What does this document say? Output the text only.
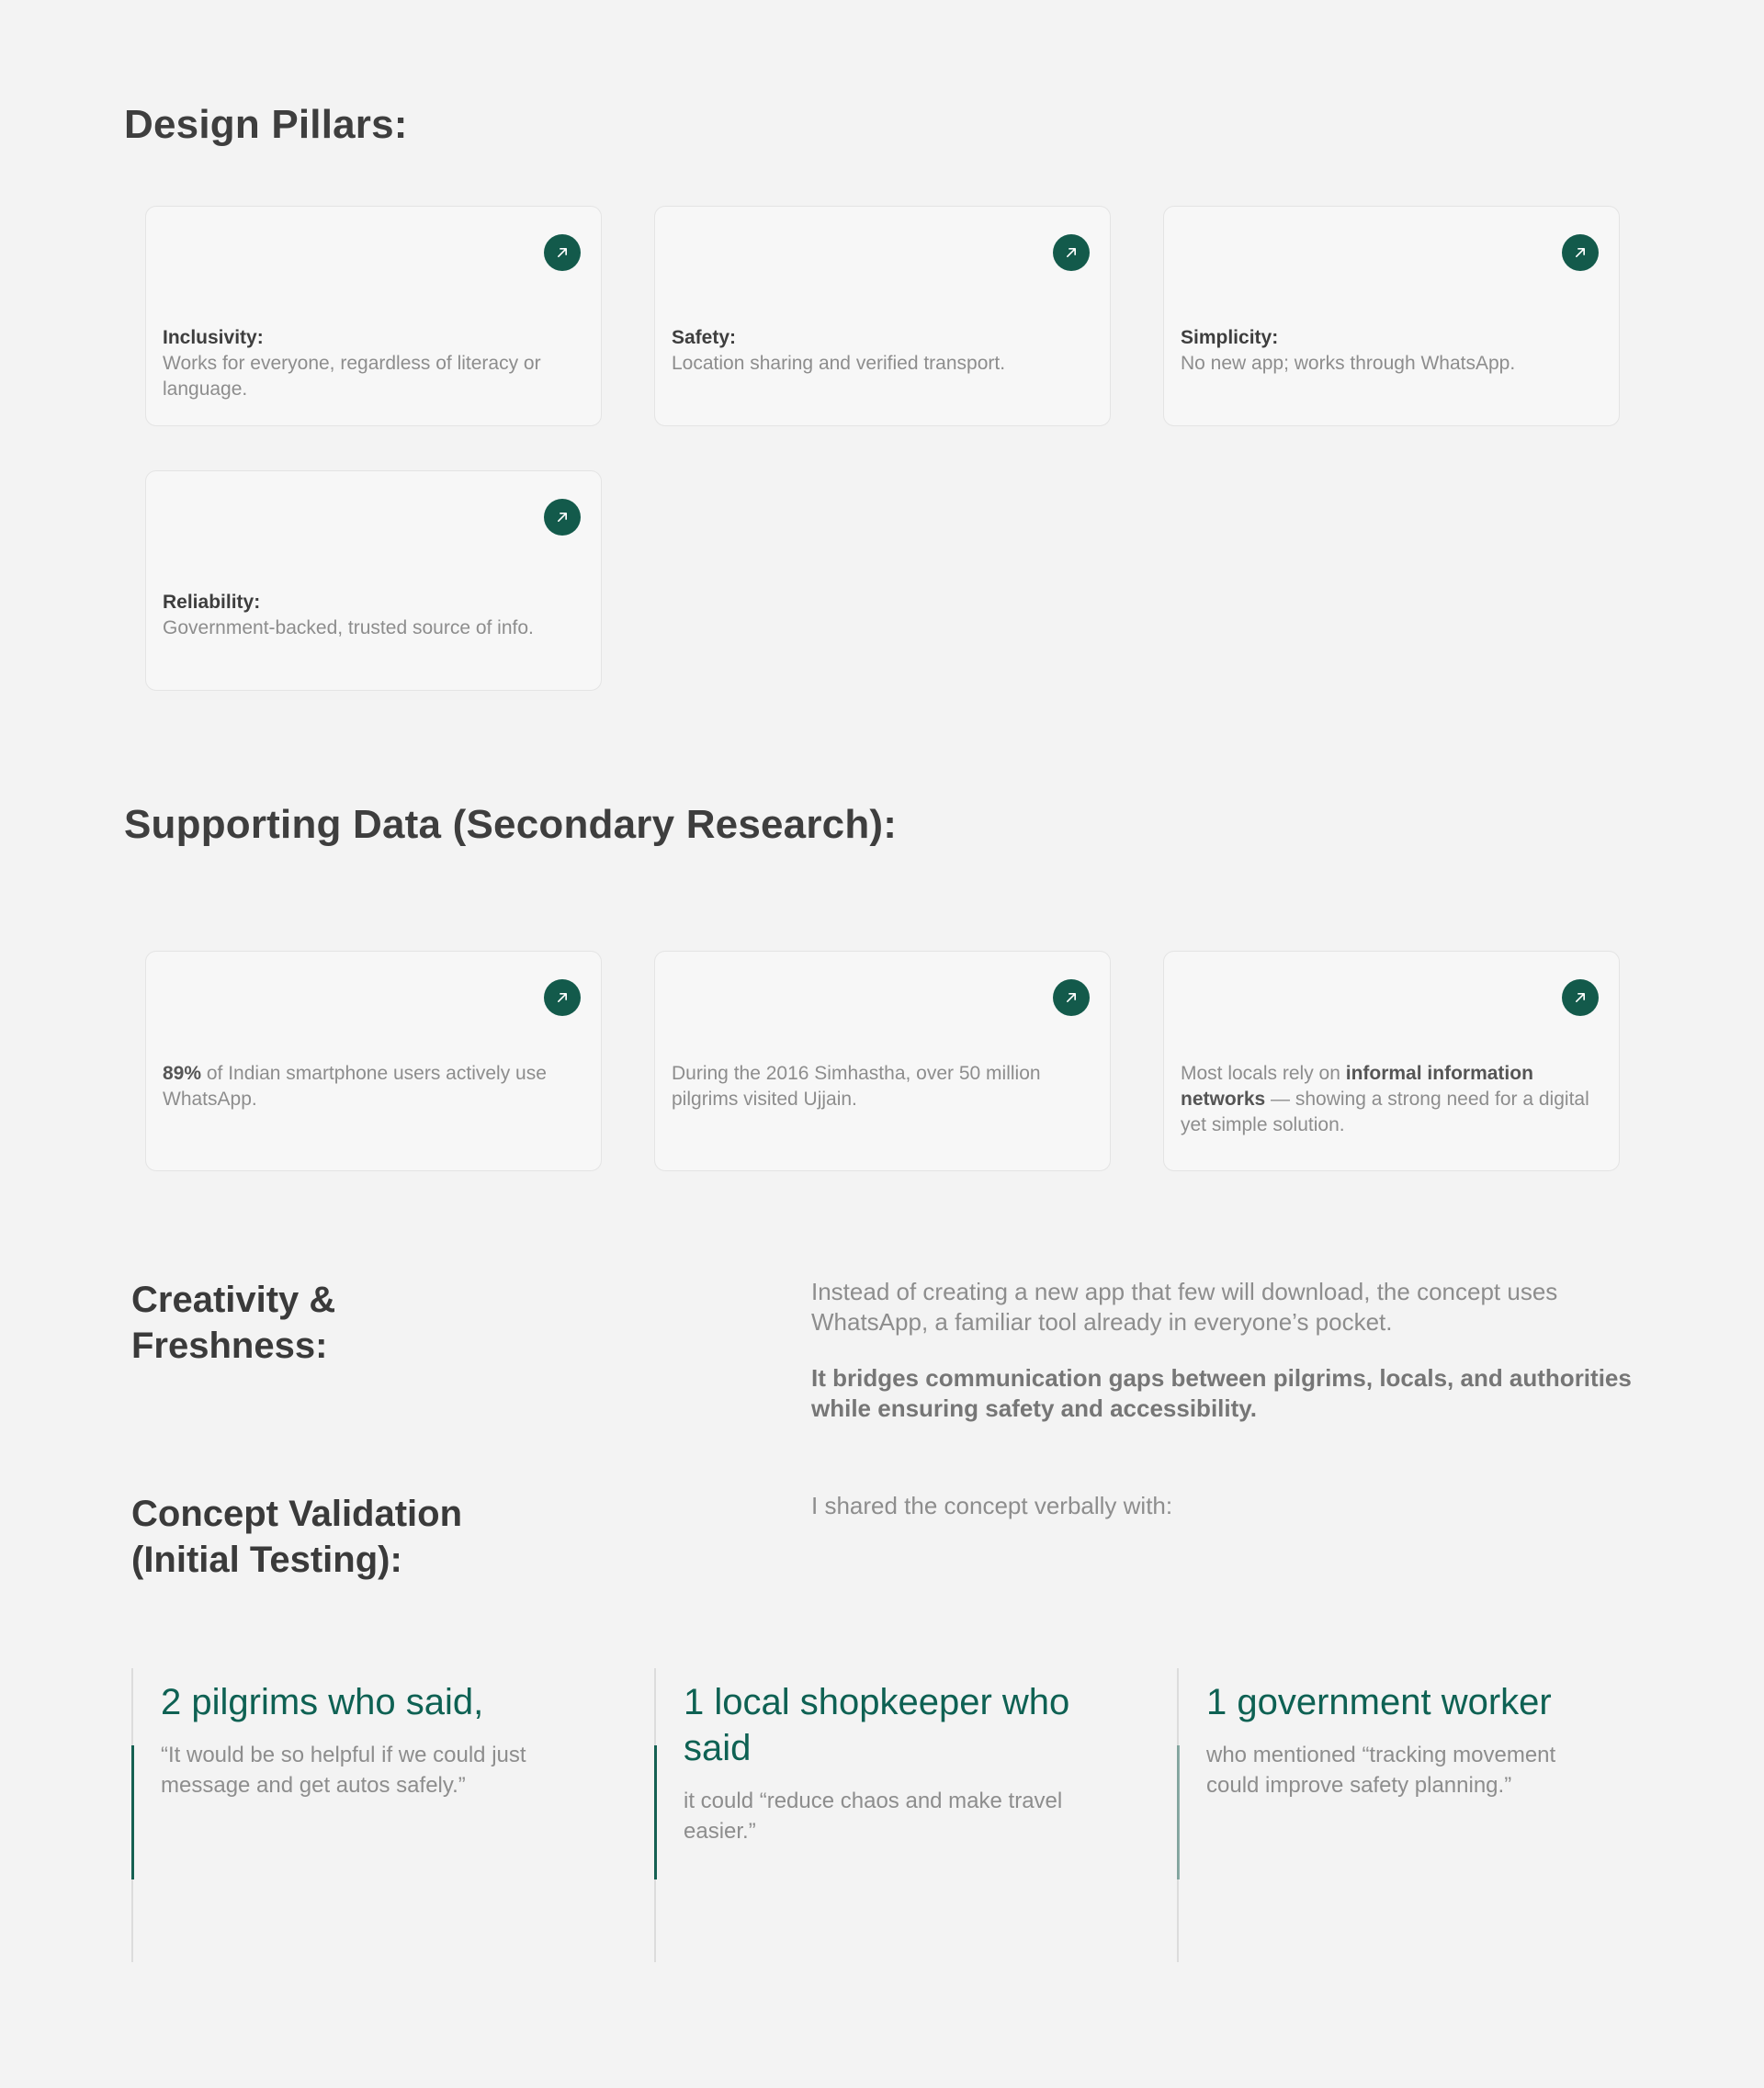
Design Pillars:
Inclusivity:
Works for everyone, regardless of literacy or language.
Safety:
Location sharing and verified transport.
Simplicity:
No new app; works through WhatsApp.
Reliability:
Government-backed, trusted source of info.
Supporting Data (Secondary Research):
89% of Indian smartphone users actively use WhatsApp.
During the 2016 Simhastha, over 50 million pilgrims visited Ujjain.
Most locals rely on informal information networks — showing a strong need for a digital yet simple solution.
Creativity & Freshness:

Instead of creating a new app that few will download, the concept uses WhatsApp, a familiar tool already in everyone’s pocket.

It bridges communication gaps between pilgrims, locals, and authorities while ensuring safety and accessibility.

Concept Validation (Initial Testing):

I shared the concept verbally with:

2 pilgrims who said,

“It would be so helpful if we could just message and get autos safely.”

1 local shopkeeper who said

it could “reduce chaos and make travel easier.”

1 government worker

who mentioned “tracking movement could improve safety planning.”
